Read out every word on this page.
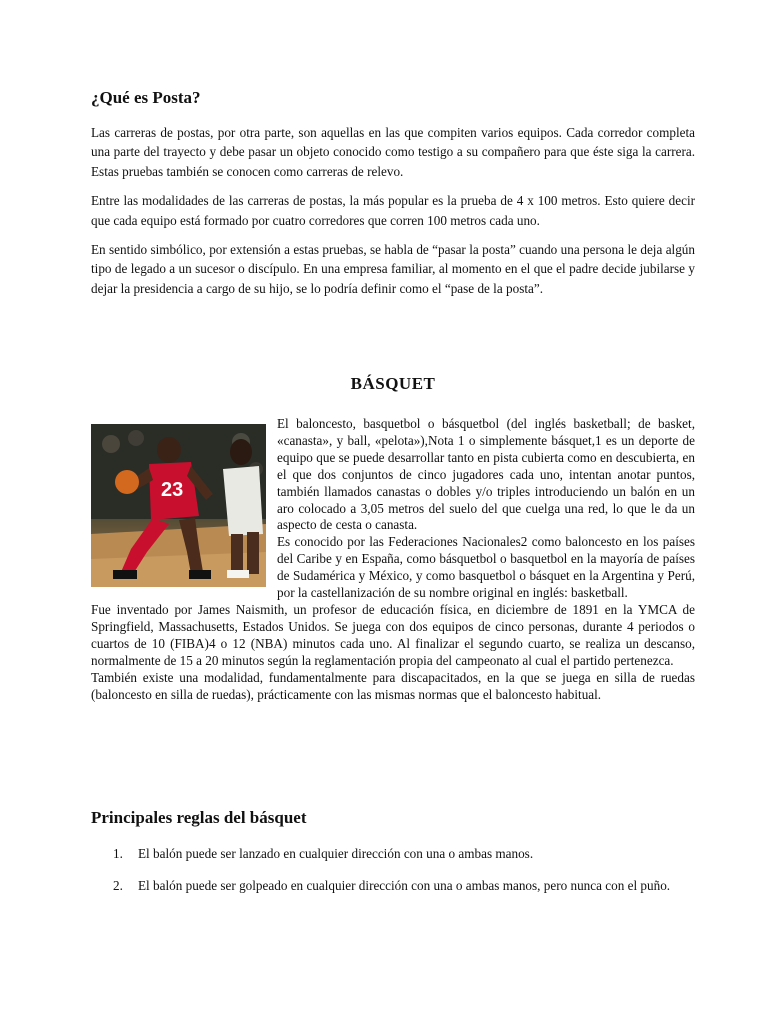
¿Qué es Posta?

Las carreras de postas, por otra parte, son aquellas en las que compiten varios equipos. Cada corredor completa una parte del trayecto y debe pasar un objeto conocido como testigo a su compañero para que éste siga la carrera. Estas pruebas también se conocen como carreras de relevo.

Entre las modalidades de las carreras de postas, la más popular es la prueba de 4 x 100 metros. Esto quiere decir que cada equipo está formado por cuatro corredores que corren 100 metros cada uno.

En sentido simbólico, por extensión a estas pruebas, se habla de “pasar la posta” cuando una persona le deja algún tipo de legado a un sucesor o discípulo. En una empresa familiar, al momento en el que el padre decide jubilarse y dejar la presidencia a cargo de su hijo, se lo podría definir como el “pase de la posta”.

BÁSQUET
23
El baloncesto, basquetbol o básquetbol (del inglés basketball; de basket, «canasta», y ball, «pelota»),Nota 1 o simplemente básquet,1 es un deporte de equipo que se puede desarrollar tanto en pista cubierta como en descubierta, en el que dos conjuntos de cinco jugadores cada uno, intentan anotar puntos, también llamados canastas o dobles y/o triples introduciendo un balón en un aro colocado a 3,05 metros del suelo del que cuelga una red, lo que le da un aspecto de cesta o canasta.
Es conocido por las Federaciones Nacionales2 como baloncesto en los países del Caribe y en España, como básquetbol o basquetbol en la mayoría de países de Sudamérica y México, y como basquetbol o básquet en la Argentina y Perú, por la castellanización de su nombre original en inglés: basketball.
Fue inventado por James Naismith, un profesor de educación física, en diciembre de 1891 en la YMCA de Springfield, Massachusetts, Estados Unidos. Se juega con dos equipos de cinco personas, durante 4 periodos o cuartos de 10 (FIBA)4 o 12 (NBA) minutos cada uno. Al finalizar el segundo cuarto, se realiza un descanso, normalmente de 15 a 20 minutos según la reglamentación propia del campeonato al cual el partido pertenezca.
También existe una modalidad, fundamentalmente para discapacitados, en la que se juega en silla de ruedas (baloncesto en silla de ruedas), prácticamente con las mismas normas que el baloncesto habitual.
Principales reglas del básquet
1. El balón puede ser lanzado en cualquier dirección con una o ambas manos.
2. El balón puede ser golpeado en cualquier dirección con una o ambas manos, pero nunca con el puño.
